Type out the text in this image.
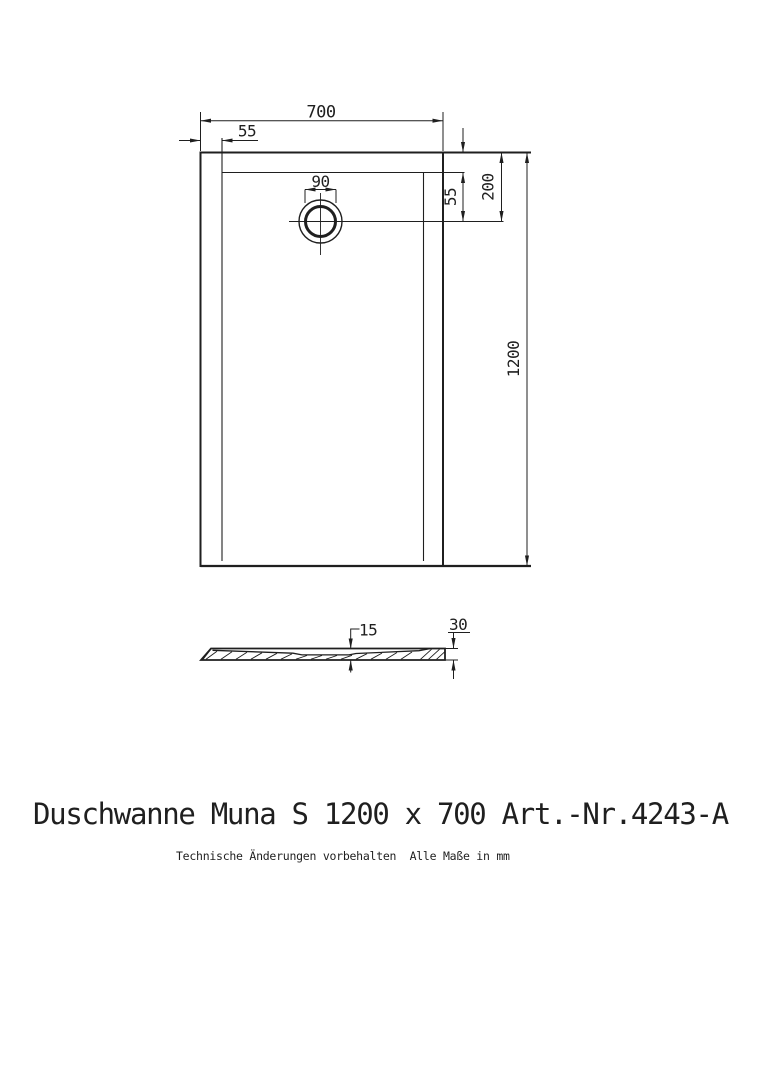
700
55
90
55 200
1200
15	30
Duschwanne Muna S 1200 x 700 Art.-Nr.4243-A
Technische Änderungen vorbehalten  Alle Maße in mm
